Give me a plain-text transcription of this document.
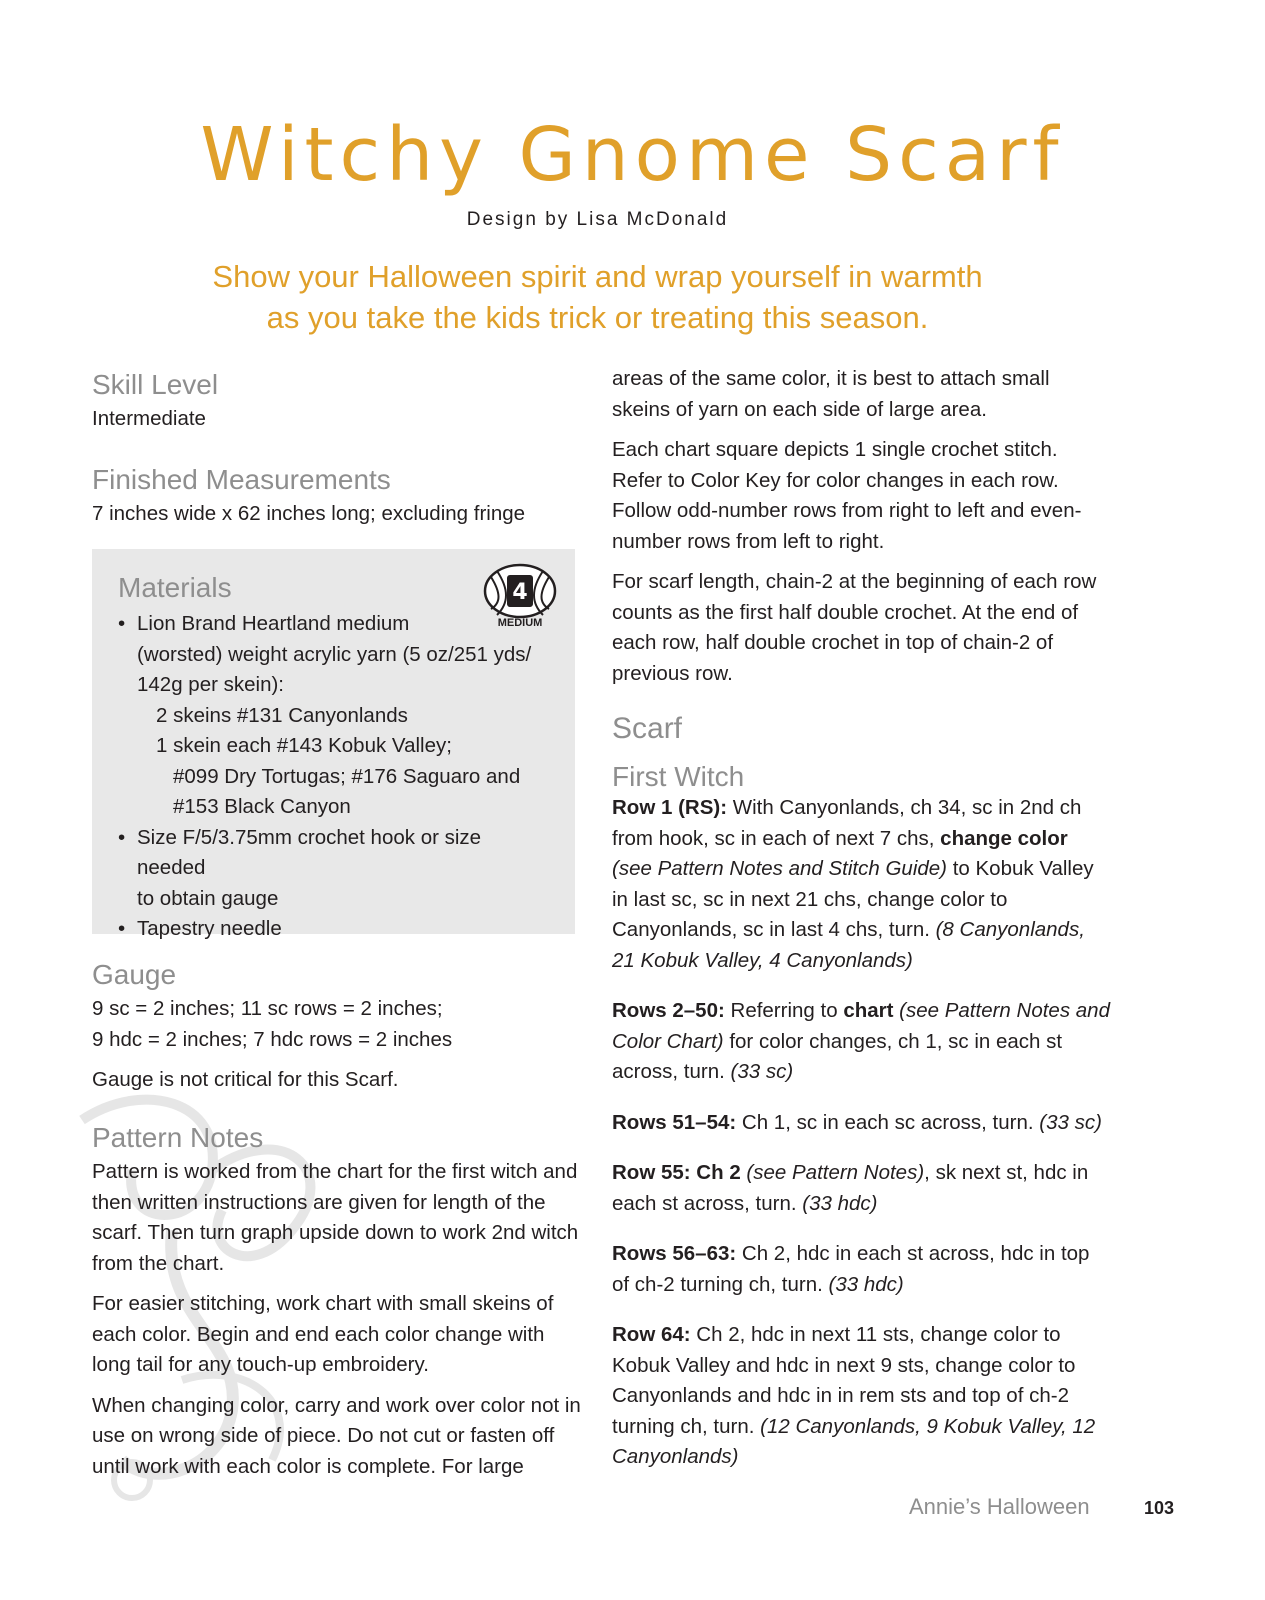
Witchy Gnome Scarf
Design by Lisa McDonald
Show your Halloween spirit and wrap yourself in warmth
as you take the kids trick or treating this season.
Skill Level
Intermediate
Finished Measurements
7 inches wide x 62 inches long; excluding fringe
4
MEDIUM
Materials
• Lion Brand Heartland medium
(worsted) weight acrylic yarn (5 oz/251 yds/
142g per skein):
2 skeins #131 Canyonlands
1 skein each #143 Kobuk Valley;
#099 Dry Tortugas; #176 Saguaro and
#153 Black Canyon
• Size F/5/3.75mm crochet hook or size needed
to obtain gauge
• Tapestry needle
Gauge
9 sc = 2 inches; 11 sc rows = 2 inches;
9 hdc = 2 inches; 7 hdc rows = 2 inches
Gauge is not critical for this Scarf.
Pattern Notes

Pattern is worked from the chart for the first witch and then written instructions are given for length of the scarf. Then turn graph upside down to work 2nd witch from the chart.

For easier stitching, work chart with small skeins of each color. Begin and end each color change with long tail for any touch-up embroidery.

When changing color, carry and work over color not in use on wrong side of piece. Do not cut or fasten off until work with each color is complete. For large

areas of the same color, it is best to attach small skeins of yarn on each side of large area.

Each chart square depicts 1 single crochet stitch. Refer to Color Key for color changes in each row. Follow odd-number rows from right to left and even-number rows from left to right.

For scarf length, chain-2 at the beginning of each row counts as the first half double crochet. At the end of each row, half double crochet in top of chain-2 of previous row.

Scarf
First Witch

Row 1 (RS): With Canyonlands, ch 34, sc in 2nd ch from hook, sc in each of next 7 chs, change color (see Pattern Notes and Stitch Guide) to Kobuk Valley in last sc, sc in next 21 chs, change color to Canyonlands, sc in last 4 chs, turn. (8 Canyonlands, 21 Kobuk Valley, 4 Canyonlands)

Rows 2–50: Referring to chart (see Pattern Notes and Color Chart) for color changes, ch 1, sc in each st across, turn. (33 sc)

Rows 51–54: Ch 1, sc in each sc across, turn. (33 sc)

Row 55: Ch 2 (see Pattern Notes), sk next st, hdc in each st across, turn. (33 hdc)

Rows 56–63: Ch 2, hdc in each st across, hdc in top of ch-2 turning ch, turn. (33 hdc)

Row 64: Ch 2, hdc in next 11 sts, change color to Kobuk Valley and hdc in next 9 sts, change color to Canyonlands and hdc in in rem sts and top of ch-2 turning ch, turn. (12 Canyonlands, 9 Kobuk Valley, 12 Canyonlands)

Annie’s Halloween	103
